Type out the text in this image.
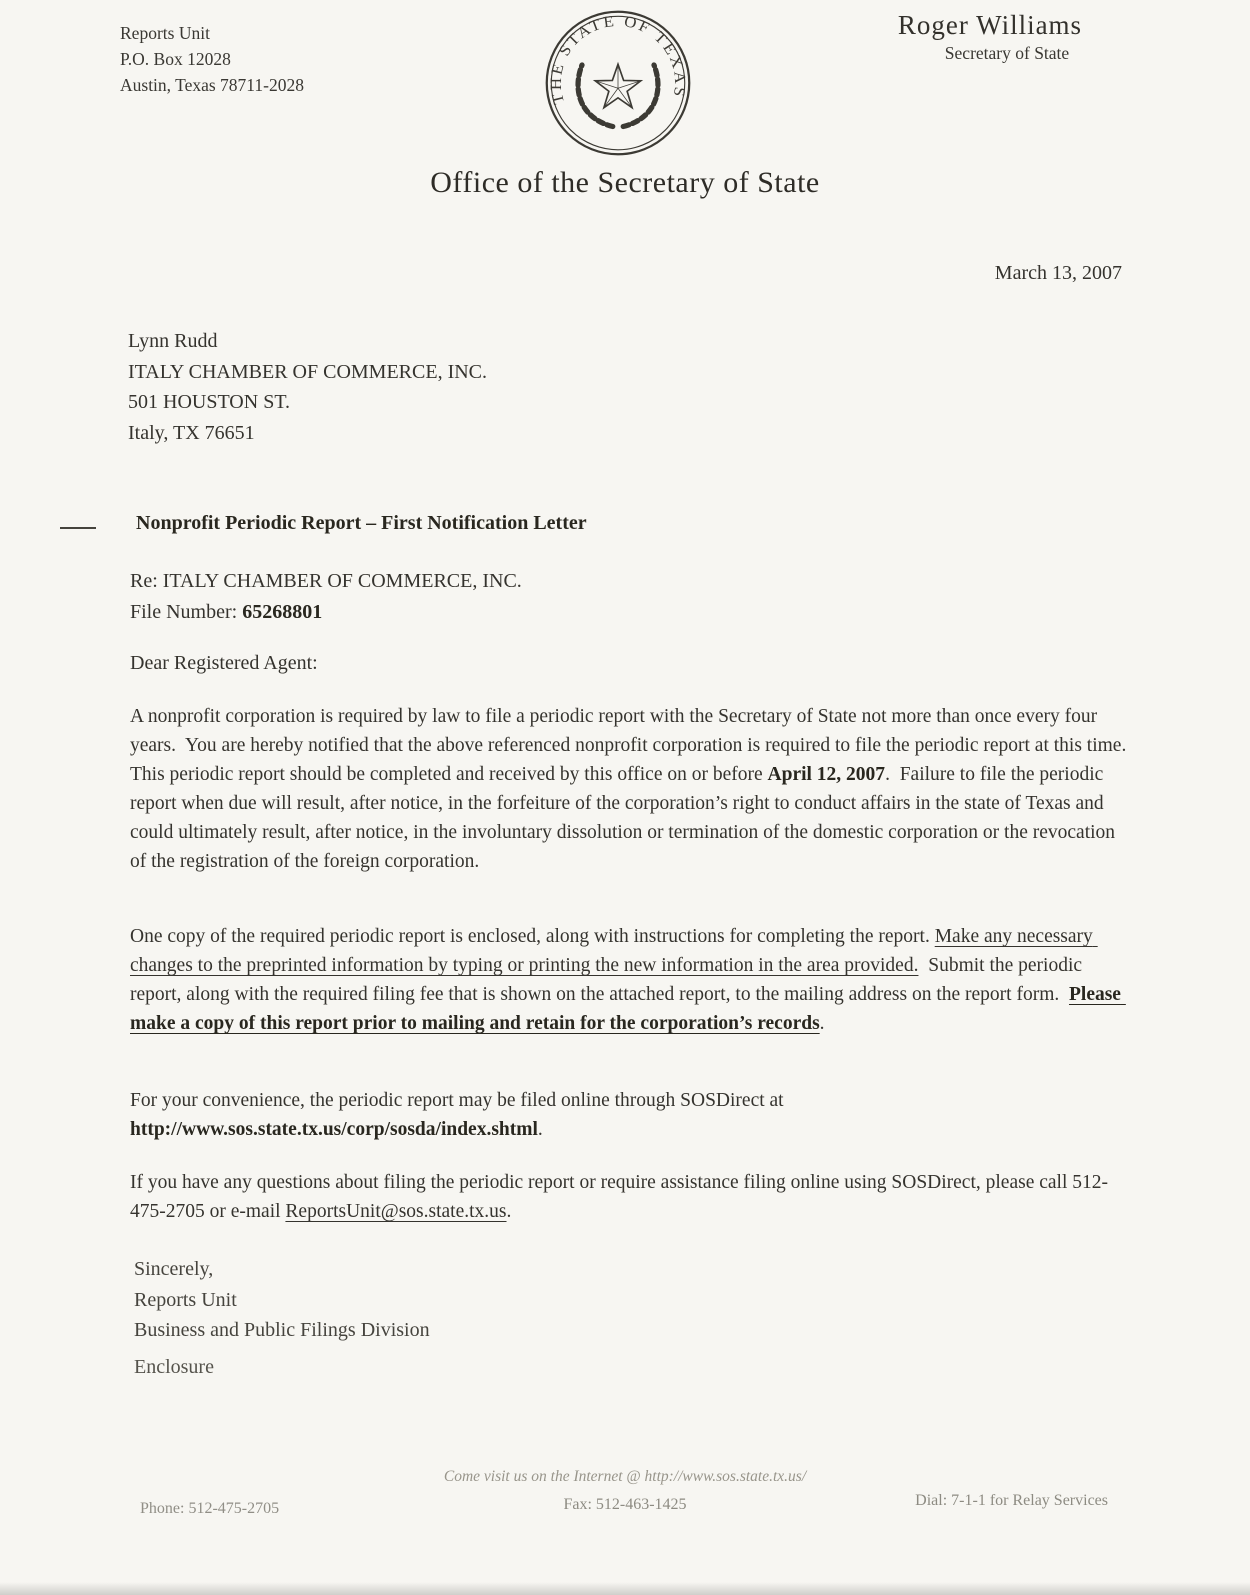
Reports Unit
P.O. Box 12028
Austin, Texas 78711-2028
THE STATE OF TEXAS
Roger Williams
Secretary of State
Office of the Secretary of State
March 13, 2007
Lynn Rudd
ITALY CHAMBER OF COMMERCE, INC.
501 HOUSTON ST.
Italy, TX 76651
Nonprofit Periodic Report – First Notification Letter
Re: ITALY CHAMBER OF COMMERCE, INC.
File Number: 65268801
Dear Registered Agent:

A nonprofit corporation is required by law to file a periodic report with the Secretary of State not more than once every four years.  You are hereby notified that the above referenced nonprofit corporation is required to file the periodic report at this time.  This periodic report should be completed and received by this office on or before April 12, 2007.  Failure to file the periodic report when due will result, after notice, in the forfeiture of the corporation’s right to conduct affairs in the state of Texas and could ultimately result, after notice, in the involuntary dissolution or termination of the domestic corporation or the revocation of the registration of the foreign corporation.

One copy of the required periodic report is enclosed, along with instructions for completing the report. Make any necessary changes to the preprinted information by typing or printing the new information in the area provided.  Submit the periodic report, along with the required filing fee that is shown on the attached report, to the mailing address on the report form.  Please make a copy of this report prior to mailing and retain for the corporation’s records.

For your convenience, the periodic report may be filed online through SOSDirect at http://www.sos.state.tx.us/corp/sosda/index.shtml.

If you have any questions about filing the periodic report or require assistance filing online using SOSDirect, please call 512-475-2705 or e-mail ReportsUnit@sos.state.tx.us.

Sincerely,
Reports Unit
Business and Public Filings Division
Enclosure
Come visit us on the Internet @ http://www.sos.state.tx.us/
Phone: 512-475-2705	Fax: 512-463-1425	Dial: 7-1-1 for Relay Services
